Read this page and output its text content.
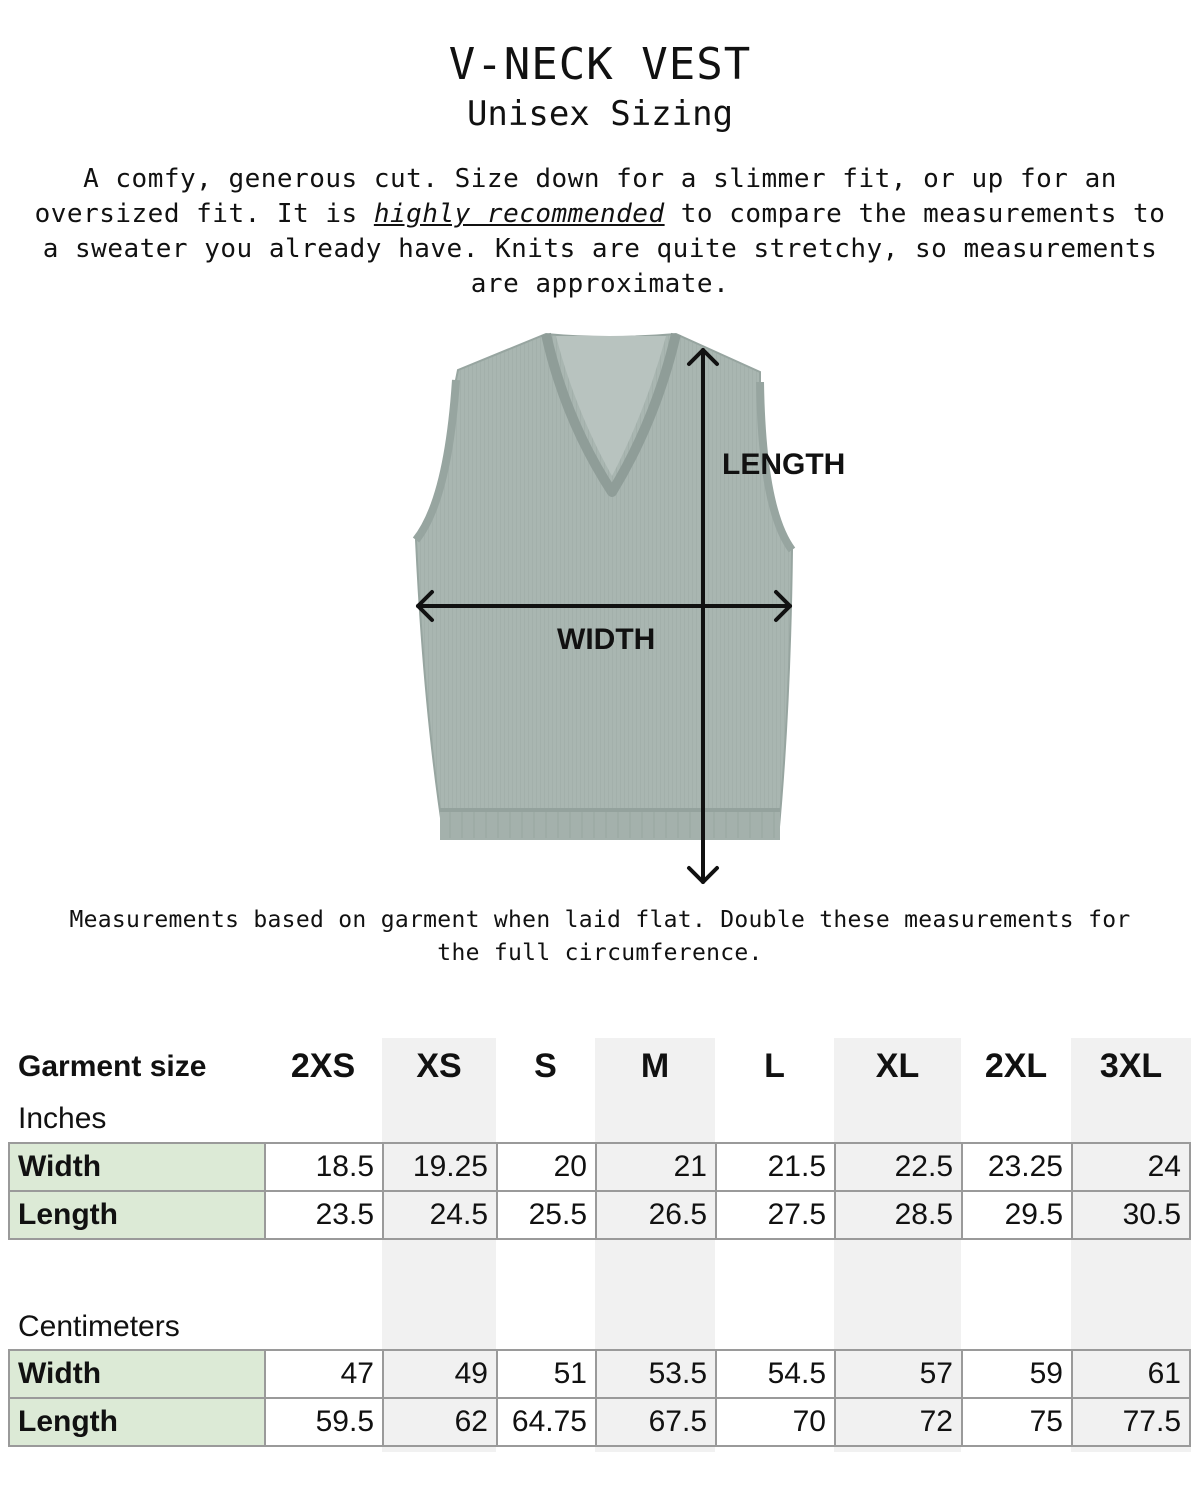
V-NECK VEST
Unisex Sizing
A comfy, generous cut. Size down for a slimmer fit, or up for an oversized fit. It is highly recommended to compare the measurements to a sweater you already have. Knits are quite stretchy, so measurements are approximate.
LENGTH
WIDTH
Measurements based on garment when laid flat. Double these measurements for the full circumference.
Garment size	2XS	XS	S	M	L	XL	2XL	3XL
Inches
Width	18.5	19.25	20	21	21.5	22.5	23.25	24
Length	23.5	24.5	25.5	26.5	27.5	28.5	29.5	30.5
Centimeters
Width	47	49	51	53.5	54.5	57	59	61
Length	59.5	62	64.75	67.5	70	72	75	77.5
